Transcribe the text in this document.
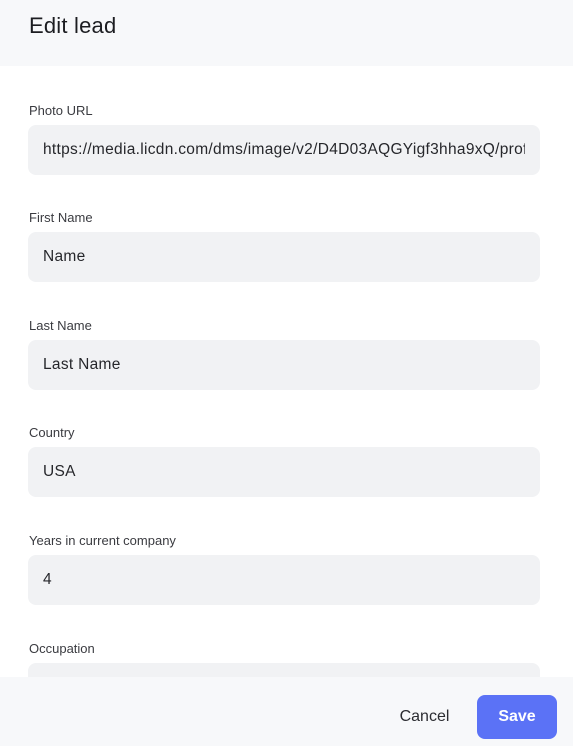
Edit lead
Photo URL
https://media.licdn.com/dms/image/v2/D4D03AQGYigf3hha9xQ/profile-displayphoto
First Name
Name
Last Name
Last Name
Country
USA
Years in current company
4
Occupation
Cancel	Save
